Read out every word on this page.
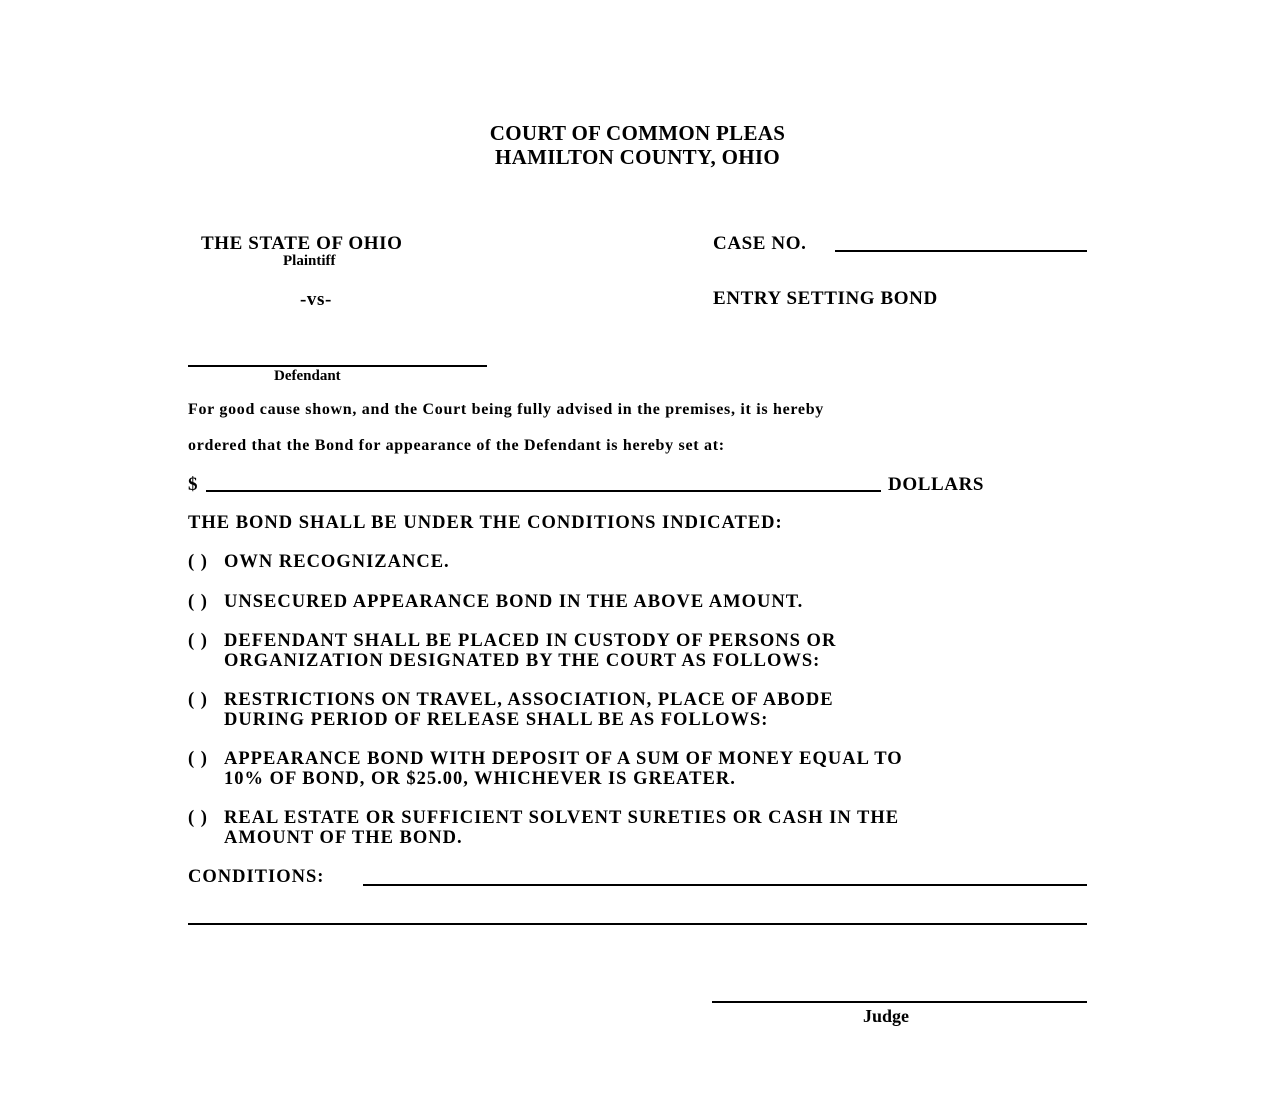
COURT OF COMMON PLEAS
HAMILTON COUNTY, OHIO
THE STATE OF OHIO
Plaintiff
-vs-
Defendant
CASE NO.
ENTRY SETTING BOND
For good cause shown, and the Court being fully advised in the premises, it is hereby
ordered that the Bond for appearance of the Defendant is hereby set at:
$	DOLLARS
THE BOND SHALL BE UNDER THE CONDITIONS INDICATED:
( ) OWN RECOGNIZANCE.
( ) UNSECURED APPEARANCE BOND IN THE ABOVE AMOUNT.
( ) DEFENDANT SHALL BE PLACED IN CUSTODY OF PERSONS OR
ORGANIZATION DESIGNATED BY THE COURT AS FOLLOWS:
( ) RESTRICTIONS ON TRAVEL, ASSOCIATION, PLACE OF ABODE
DURING PERIOD OF RELEASE SHALL BE AS FOLLOWS:
( ) APPEARANCE BOND WITH DEPOSIT OF A SUM OF MONEY EQUAL TO
10% OF BOND, OR $25.00, WHICHEVER IS GREATER.
( ) REAL ESTATE OR SUFFICIENT SOLVENT SURETIES OR CASH IN THE
AMOUNT OF THE BOND.
CONDITIONS:
Judge
